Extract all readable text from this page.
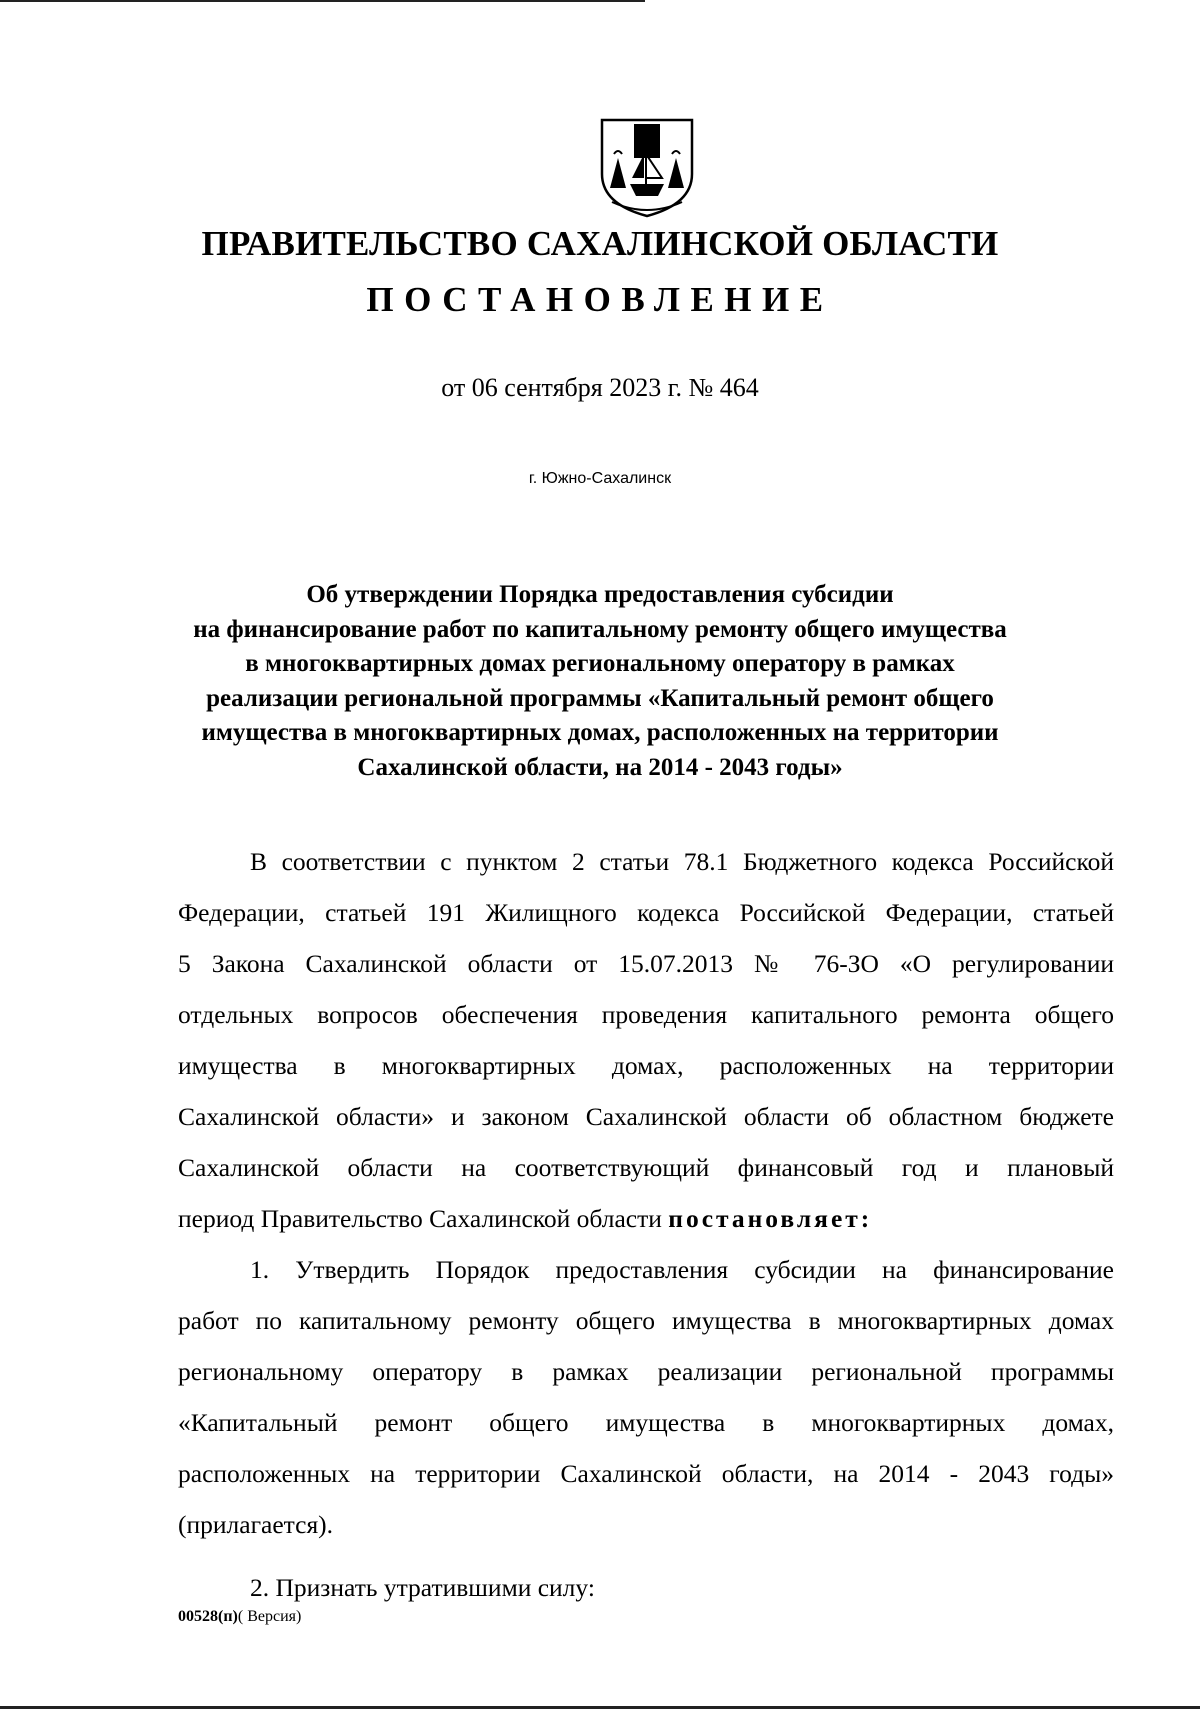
ПРАВИТЕЛЬСТВО САХАЛИНСКОЙ ОБЛАСТИ
ПОСТАНОВЛЕНИЕ
от 06 сентября 2023 г. № 464
г. Южно-Сахалинск
Об утверждении Порядка предоставления субсидии
на финансирование работ по капитальному ремонту общего имущества
в многоквартирных домах региональному оператору в рамках
реализации региональной программы «Капитальный ремонт общего
имущества в многоквартирных домах, расположенных на территории
Сахалинской области, на 2014 - 2043 годы»
В соответствии с пунктом 2 статьи 78.1 Бюджетного кодекса Российской
Федерации, статьей 191 Жилищного кодекса Российской Федерации, статьей
5 Закона Сахалинской области от 15.07.2013 № 76-ЗО «О регулировании
отдельных вопросов обеспечения проведения капитального ремонта общего
имущества в многоквартирных домах, расположенных на территории
Сахалинской области» и законом Сахалинской области об областном бюджете
Сахалинской области на соответствующий финансовый год и плановый
период Правительство Сахалинской области постановляет:
1. Утвердить Порядок предоставления субсидии на финансирование
работ по капитальному ремонту общего имущества в многоквартирных домах
региональному оператору в рамках реализации региональной программы
«Капитальный ремонт общего имущества в многоквартирных домах,
расположенных на территории Сахалинской области, на 2014 - 2043 годы»
(прилагается).
2. Признать утратившими силу:
00528(п)( Версия)
